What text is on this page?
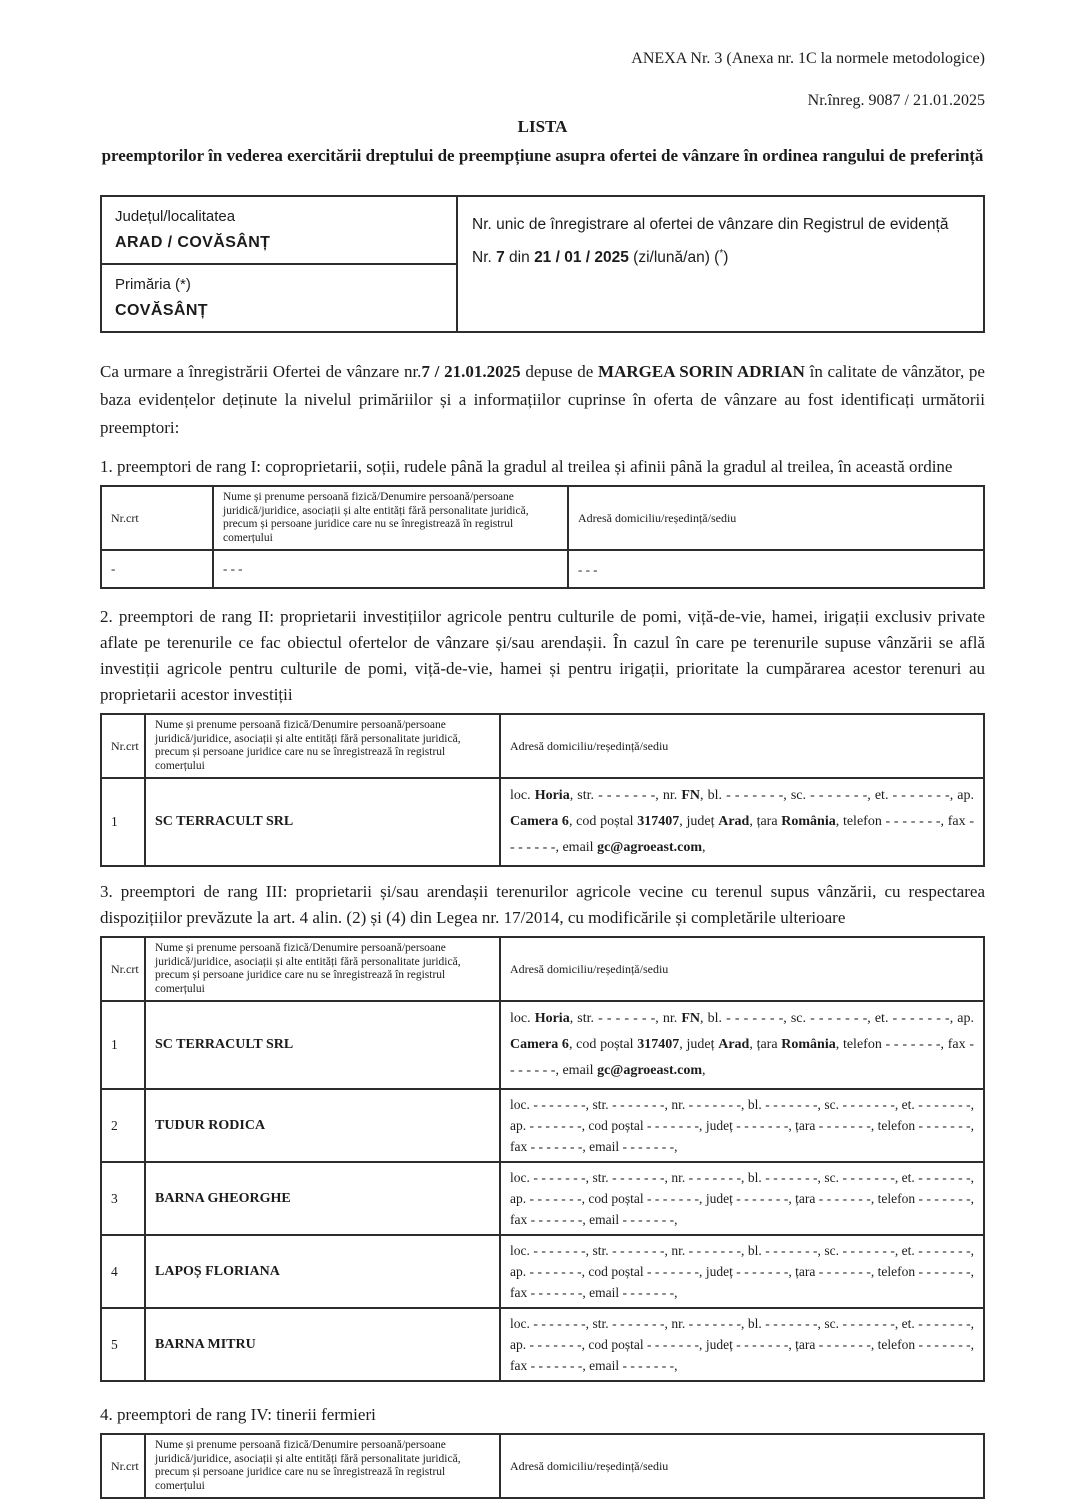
ANEXA Nr. 3 (Anexa nr. 1C la normele metodologice)
Nr.înreg. 9087 / 21.01.2025
LISTA
preemptorilor în vederea exercitării dreptului de preempțiune asupra ofertei de vânzare în ordinea rangului de preferință
Județul/localitatea
ARAD / COVĂSÂNȚ

Nr. unic de înregistrare al ofertei de vânzare din Registrul de evidență
Nr. 7 din 21 / 01 / 2025 (zi/lună/an) (*)

Primăria (*)
COVĂSÂNȚ

Ca urmare a înregistrării Ofertei de vânzare nr.7 / 21.01.2025 depuse de MARGEA SORIN ADRIAN în calitate de vânzător, pe baza evidențelor deținute la nivelul primăriilor și a informațiilor cuprinse în oferta de vânzare au fost identificați următorii preemptori:

1. preemptori de rang I: coproprietarii, soții, rudele până la gradul al treilea și afinii până la gradul al treilea, în această ordine

Nr.crt	Nume și prenume persoană fizică/Denumire persoană/persoane juridică/juridice, asociații și alte entități fără personalitate juridică, precum și persoane juridice care nu se înregistrează în registrul comerțului	Adresă domiciliu/reședință/sediu
-	- - -	- - -

2. preemptori de rang II: proprietarii investițiilor agricole pentru culturile de pomi, viță-de-vie, hamei, irigații exclusiv private aflate pe terenurile ce fac obiectul ofertelor de vânzare și/sau arendașii. În cazul în care pe terenurile supuse vânzării se află investiții agricole pentru culturile de pomi, viță-de-vie, hamei și pentru irigații, prioritate la cumpărarea acestor terenuri au proprietarii acestor investiții

Nr.crt	Nume și prenume persoană fizică/Denumire persoană/persoane juridică/juridice, asociații și alte entități fără personalitate juridică, precum și persoane juridice care nu se înregistrează în registrul comerțului	Adresă domiciliu/reședință/sediu
1	SC TERRACULT SRL	loc. Horia, str. - - - - - - -, nr. FN, bl. - - - - - - -, sc. - - - - - - -, et. - - - - - - -, ap. Camera 6, cod poștal 317407, județ Arad, țara România, telefon - - - - - - -, fax - - - - - - -, email gc@agroeast.com,

3. preemptori de rang III: proprietarii și/sau arendașii terenurilor agricole vecine cu terenul supus vânzării, cu respectarea dispozițiilor prevăzute la art. 4 alin. (2) și (4) din Legea nr. 17/2014, cu modificările și completările ulterioare

Nr.crt	Nume și prenume persoană fizică/Denumire persoană/persoane juridică/juridice, asociații și alte entități fără personalitate juridică, precum și persoane juridice care nu se înregistrează în registrul comerțului	Adresă domiciliu/reședință/sediu
1	SC TERRACULT SRL	loc. Horia, str. - - - - - - -, nr. FN, bl. - - - - - - -, sc. - - - - - - -, et. - - - - - - -, ap. Camera 6, cod poștal 317407, județ Arad, țara România, telefon - - - - - - -, fax - - - - - - -, email gc@agroeast.com,
2	TUDUR RODICA	loc. - - - - - - -, str. - - - - - - -, nr. - - - - - - -, bl. - - - - - - -, sc. - - - - - - -, et. - - - - - - -, ap. - - - - - - -, cod poștal - - - - - - -, județ - - - - - - -, țara - - - - - - -, telefon - - - - - - -, fax - - - - - - -, email - - - - - - -,
3	BARNA GHEORGHE	loc. - - - - - - -, str. - - - - - - -, nr. - - - - - - -, bl. - - - - - - -, sc. - - - - - - -, et. - - - - - - -, ap. - - - - - - -, cod poștal - - - - - - -, județ - - - - - - -, țara - - - - - - -, telefon - - - - - - -, fax - - - - - - -, email - - - - - - -,
4	LAPOȘ FLORIANA	loc. - - - - - - -, str. - - - - - - -, nr. - - - - - - -, bl. - - - - - - -, sc. - - - - - - -, et. - - - - - - -, ap. - - - - - - -, cod poștal - - - - - - -, județ - - - - - - -, țara - - - - - - -, telefon - - - - - - -, fax - - - - - - -, email - - - - - - -,
5	BARNA MITRU	loc. - - - - - - -, str. - - - - - - -, nr. - - - - - - -, bl. - - - - - - -, sc. - - - - - - -, et. - - - - - - -, ap. - - - - - - -, cod poștal - - - - - - -, județ - - - - - - -, țara - - - - - - -, telefon - - - - - - -, fax - - - - - - -, email - - - - - - -,

4. preemptori de rang IV: tinerii fermieri

Nr.crt	Nume și prenume persoană fizică/Denumire persoană/persoane juridică/juridice, asociații și alte entități fără personalitate juridică, precum și persoane juridice care nu se înregistrează în registrul comerțului	Adresă domiciliu/reședință/sediu
